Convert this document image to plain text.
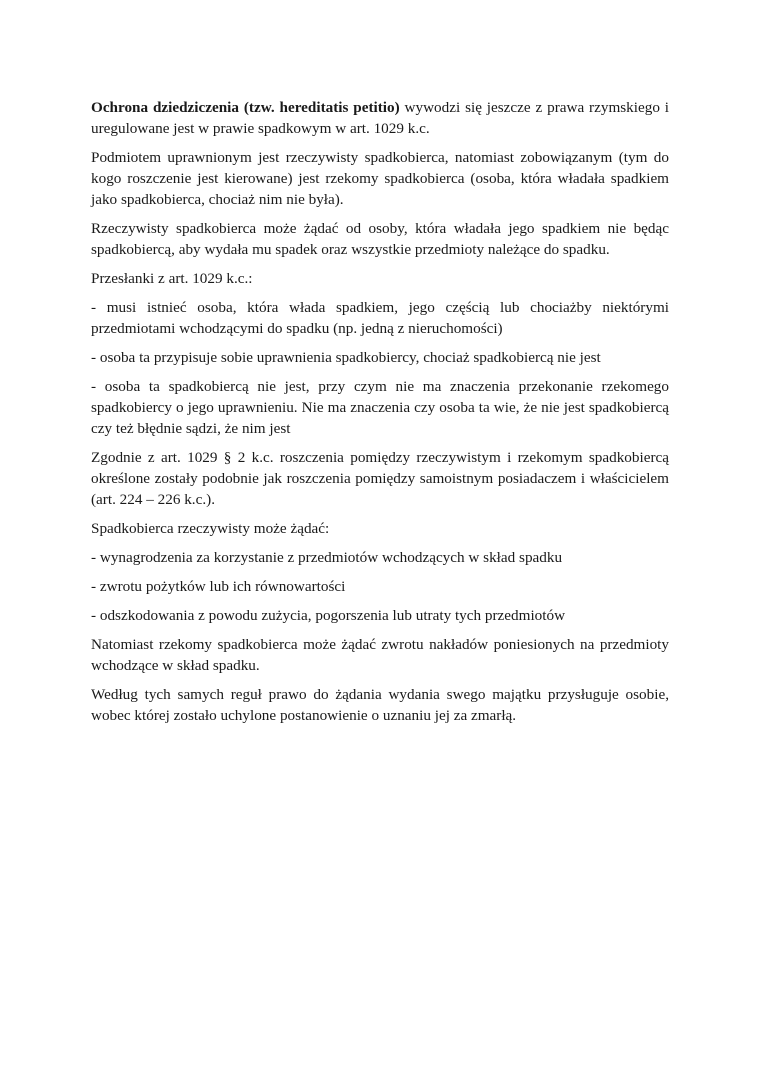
Ochrona dziedziczenia (tzw. hereditatis petitio) wywodzi się jeszcze z prawa rzymskiego i uregulowane jest w prawie spadkowym w art. 1029 k.c.

Podmiotem uprawnionym jest rzeczywisty spadkobierca, natomiast zobowiązanym (tym do kogo roszczenie jest kierowane) jest rzekomy spadkobierca (osoba, która władała spadkiem jako spadkobierca, chociaż nim nie była).

Rzeczywisty spadkobierca może żądać od osoby, która władała jego spadkiem nie będąc spadkobiercą, aby wydała mu spadek oraz wszystkie przedmioty należące do spadku.

Przesłanki z art. 1029 k.c.:

- musi istnieć osoba, która włada spadkiem, jego częścią lub chociażby niektórymi przedmiotami wchodzącymi do spadku (np. jedną z nieruchomości)

- osoba ta przypisuje sobie uprawnienia spadkobiercy, chociaż spadkobiercą nie jest

- osoba ta spadkobiercą nie jest, przy czym nie ma znaczenia przekonanie rzekomego spadkobiercy o jego uprawnieniu. Nie ma znaczenia czy osoba ta wie, że nie jest spadkobiercą czy też błędnie sądzi, że nim jest

Zgodnie z art. 1029 § 2 k.c. roszczenia pomiędzy rzeczywistym i rzekomym spadkobiercą określone zostały podobnie jak roszczenia pomiędzy samoistnym posiadaczem i właścicielem (art. 224 – 226 k.c.).

Spadkobierca rzeczywisty może żądać:

- wynagrodzenia za korzystanie z przedmiotów wchodzących w skład spadku

- zwrotu pożytków lub ich równowartości

- odszkodowania z powodu zużycia, pogorszenia lub utraty tych przedmiotów

Natomiast rzekomy spadkobierca może żądać zwrotu nakładów poniesionych na przedmioty wchodzące w skład spadku.

Według tych samych reguł prawo do żądania wydania swego majątku przysługuje osobie, wobec której zostało uchylone postanowienie o uznaniu jej za zmarłą.
